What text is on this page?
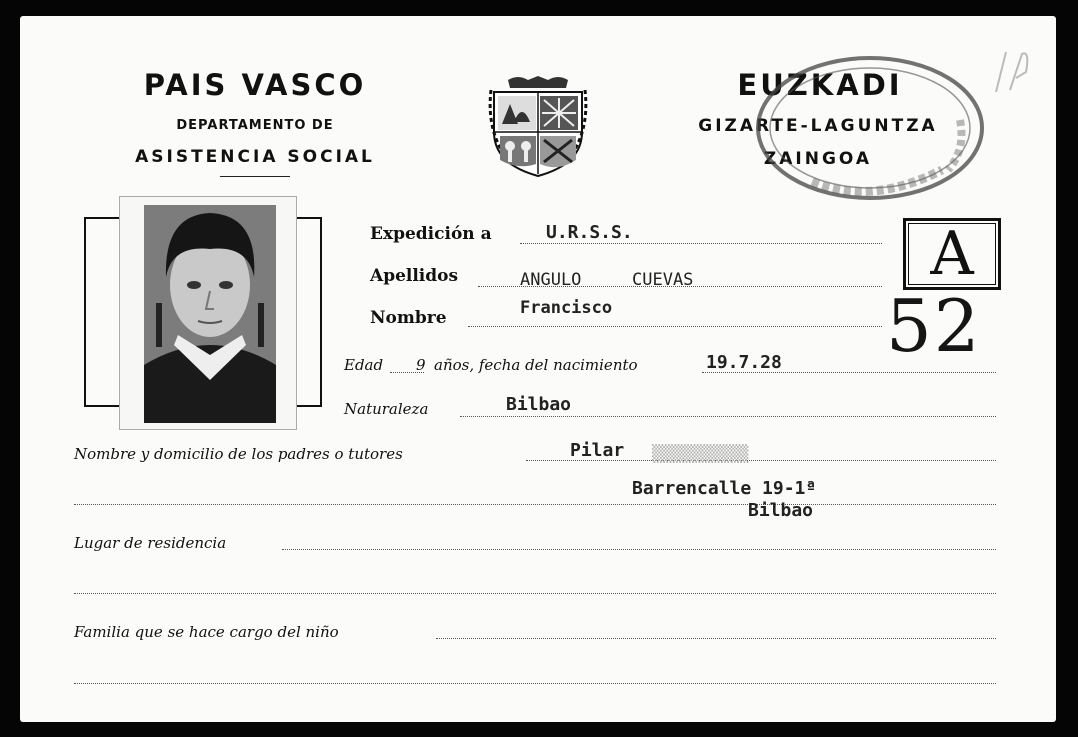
PAIS VASCO
DEPARTAMENTO DE
ASISTENCIA SOCIAL
EUZKADI
GIZARTE-LAGUNTZA
ZAINGOA
A
52
Expedición a	U.R.S.S.
Apellidos	ANGULO	CUEVAS
Nombre	Francisco
Edad 9 años, fecha del nacimiento	19.7.28
Naturaleza	Bilbao
Nombre y domicilio de los padres o tutores	Pilar ▒▒▒▒▒▒▒▒▒▒
Barrencalle 19-1ª
Bilbao
Lugar de residencia
Familia que se hace cargo del niño
